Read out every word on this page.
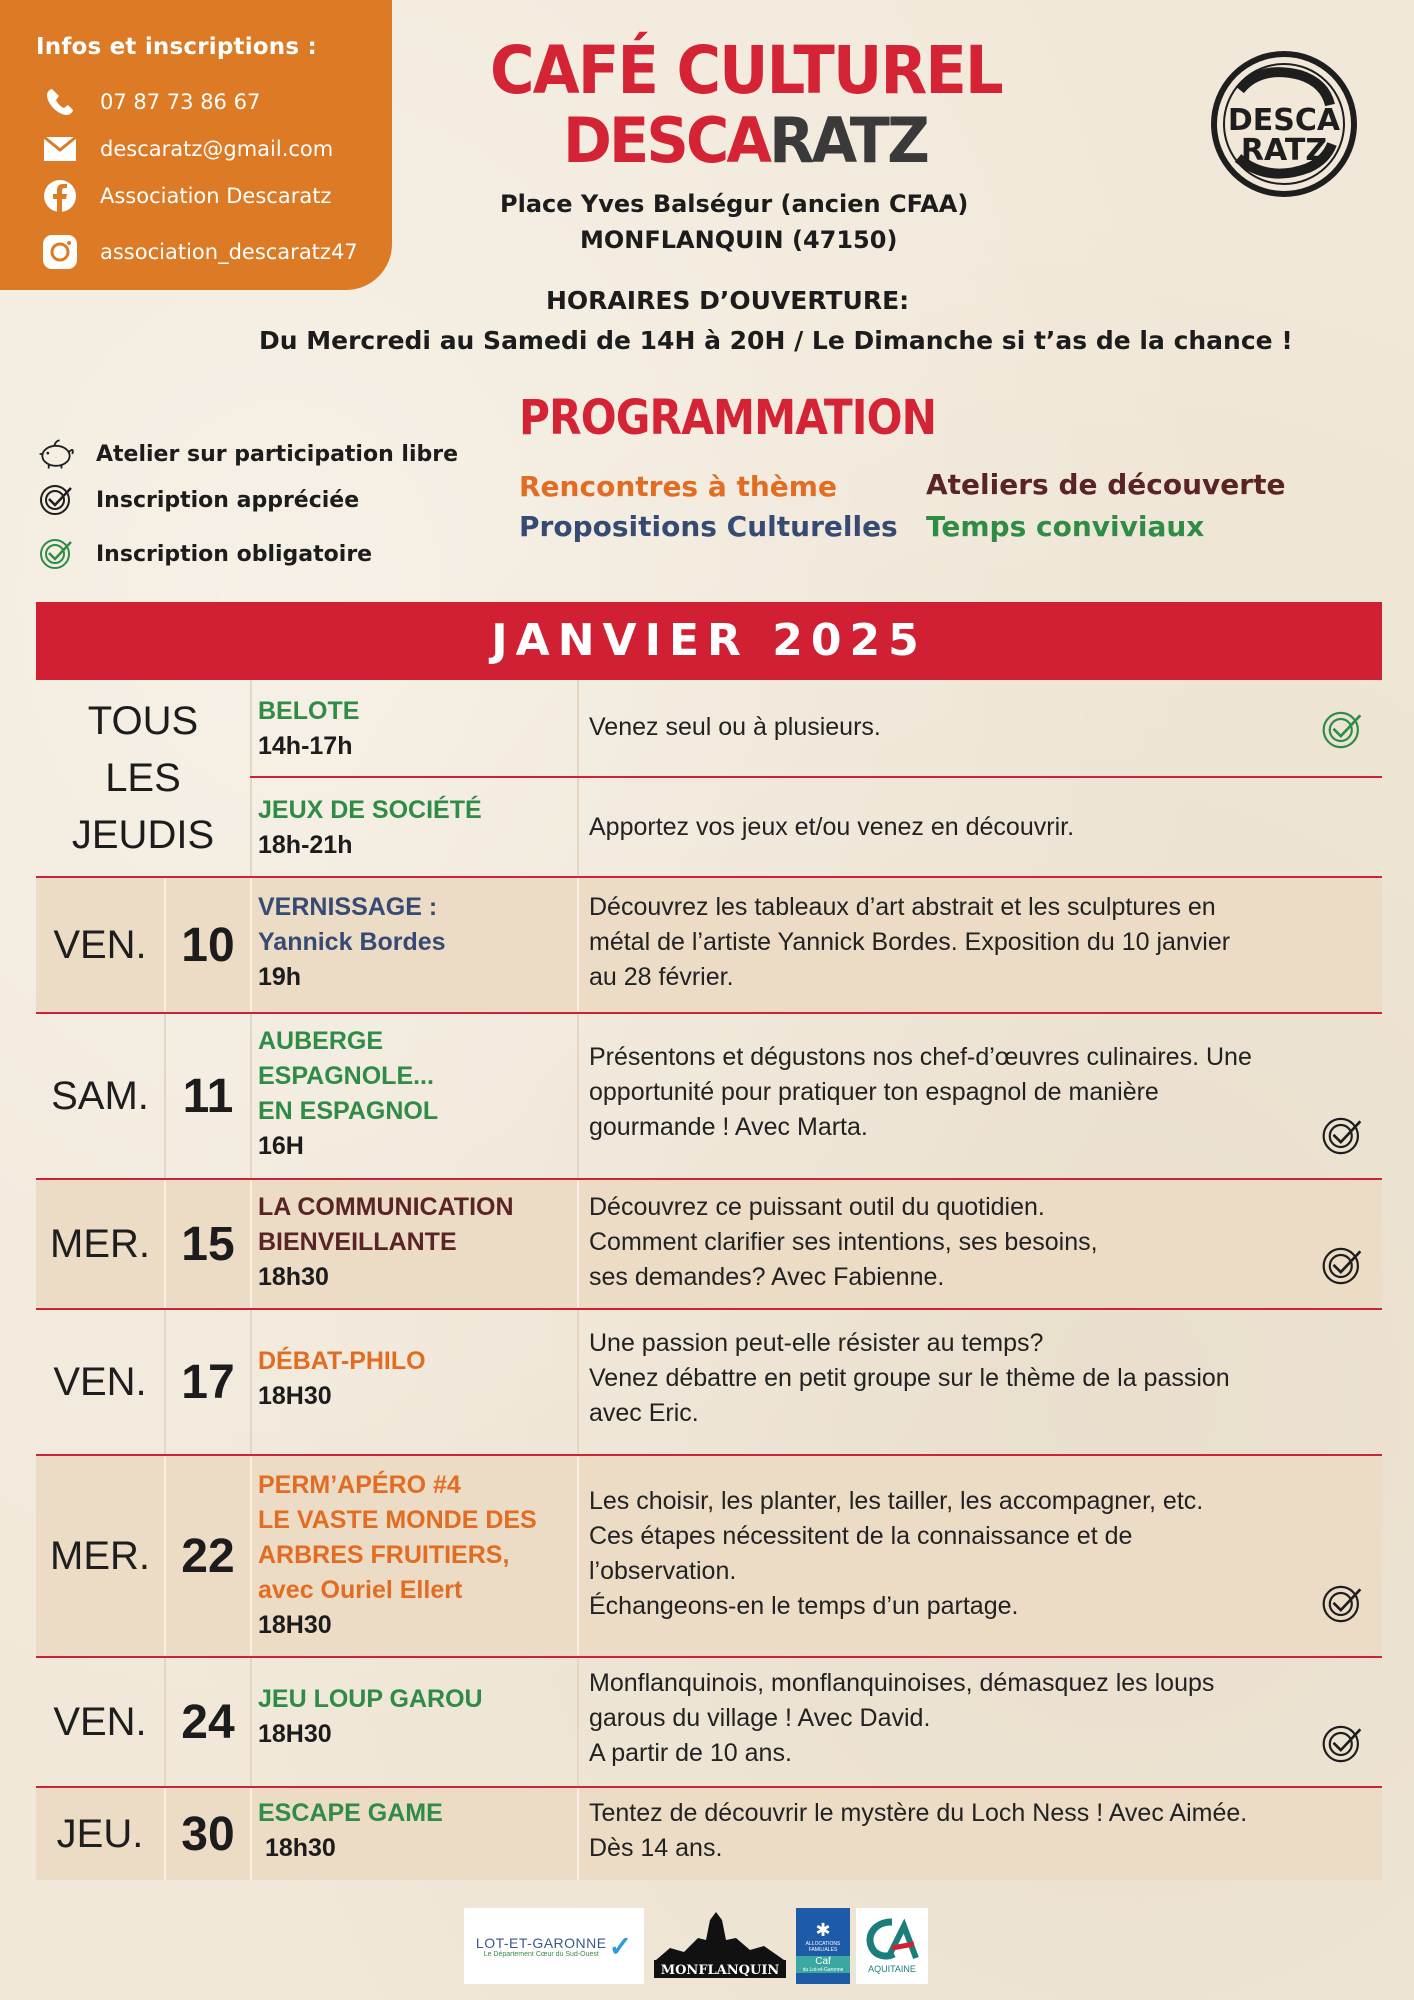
Infos et inscriptions :
07 87 73 86 67
descaratz@gmail.com
Association Descaratz
association_descaratz47
CAFÉ CULTUREL
DESCARATZ
Place Yves Balségur (ancien CFAA)
MONFLANQUIN (47150)
HORAIRES D’OUVERTURE:
Du Mercredi au Samedi de 14H à 20H / Le Dimanche si t’as de la chance !
DESCA
RATZ
Atelier sur participation libre
Inscription appréciée
Inscription obligatoire
PROGRAMMATION
Rencontres à thème	Ateliers de découverte
Propositions Culturelles Temps conviviaux
JANVIER 2025
TOUS
LES
JEUDIS
BELOTE
14h-17h
Venez seul ou à plusieurs.
JEUX DE SOCIÉTÉ
18h-21h
Apportez vos jeux et/ou venez en découvrir.
VEN. 10
VERNISSAGE :
Yannick Bordes
19h
Découvrez les tableaux d’art abstrait et les sculptures en
métal de l’artiste Yannick Bordes. Exposition du 10 janvier
au 28 février.
SAM. 11
AUBERGE
ESPAGNOLE...
EN ESPAGNOL
16H
Présentons et dégustons nos chef-d’œuvres culinaires. Une
opportunité pour pratiquer ton espagnol de manière
gourmande ! Avec Marta.
MER. 15
LA COMMUNICATION
BIENVEILLANTE
18h30
Découvrez ce puissant outil du quotidien.
Comment clarifier ses intentions, ses besoins,
ses demandes? Avec Fabienne.
VEN. 17 DÉBAT-PHILO
18H30
Une passion peut-elle résister au temps?
Venez débattre en petit groupe sur le thème de la passion
avec Eric.
MER. 22
PERM’APÉRO #4
LE VASTE MONDE DES
ARBRES FRUITIERS,
avec Ouriel Ellert
18H30
Les choisir, les planter, les tailler, les accompagner, etc.
Ces étapes nécessitent de la connaissance et de
l’observation.
Échangeons-en le temps d’un partage.
VEN. 24 JEU LOUP GAROU
18H30
Monflanquinois, monflanquinoises, démasquez les loups
garous du village ! Avec David.
A partir de 10 ans.
JEU. 30 ESCAPE GAME
18h30
Tentez de découvrir le mystère du Loch Ness ! Avec Aimée.
Dès 14 ans.
LOT-ET-GARONNE
Le Département Cœur du Sud-Ouest ✓
MONFLANQUIN
✱
ALLOCATIONS FAMILIALES
Caf
du Lot-et-Garonne	AQUITAINE
